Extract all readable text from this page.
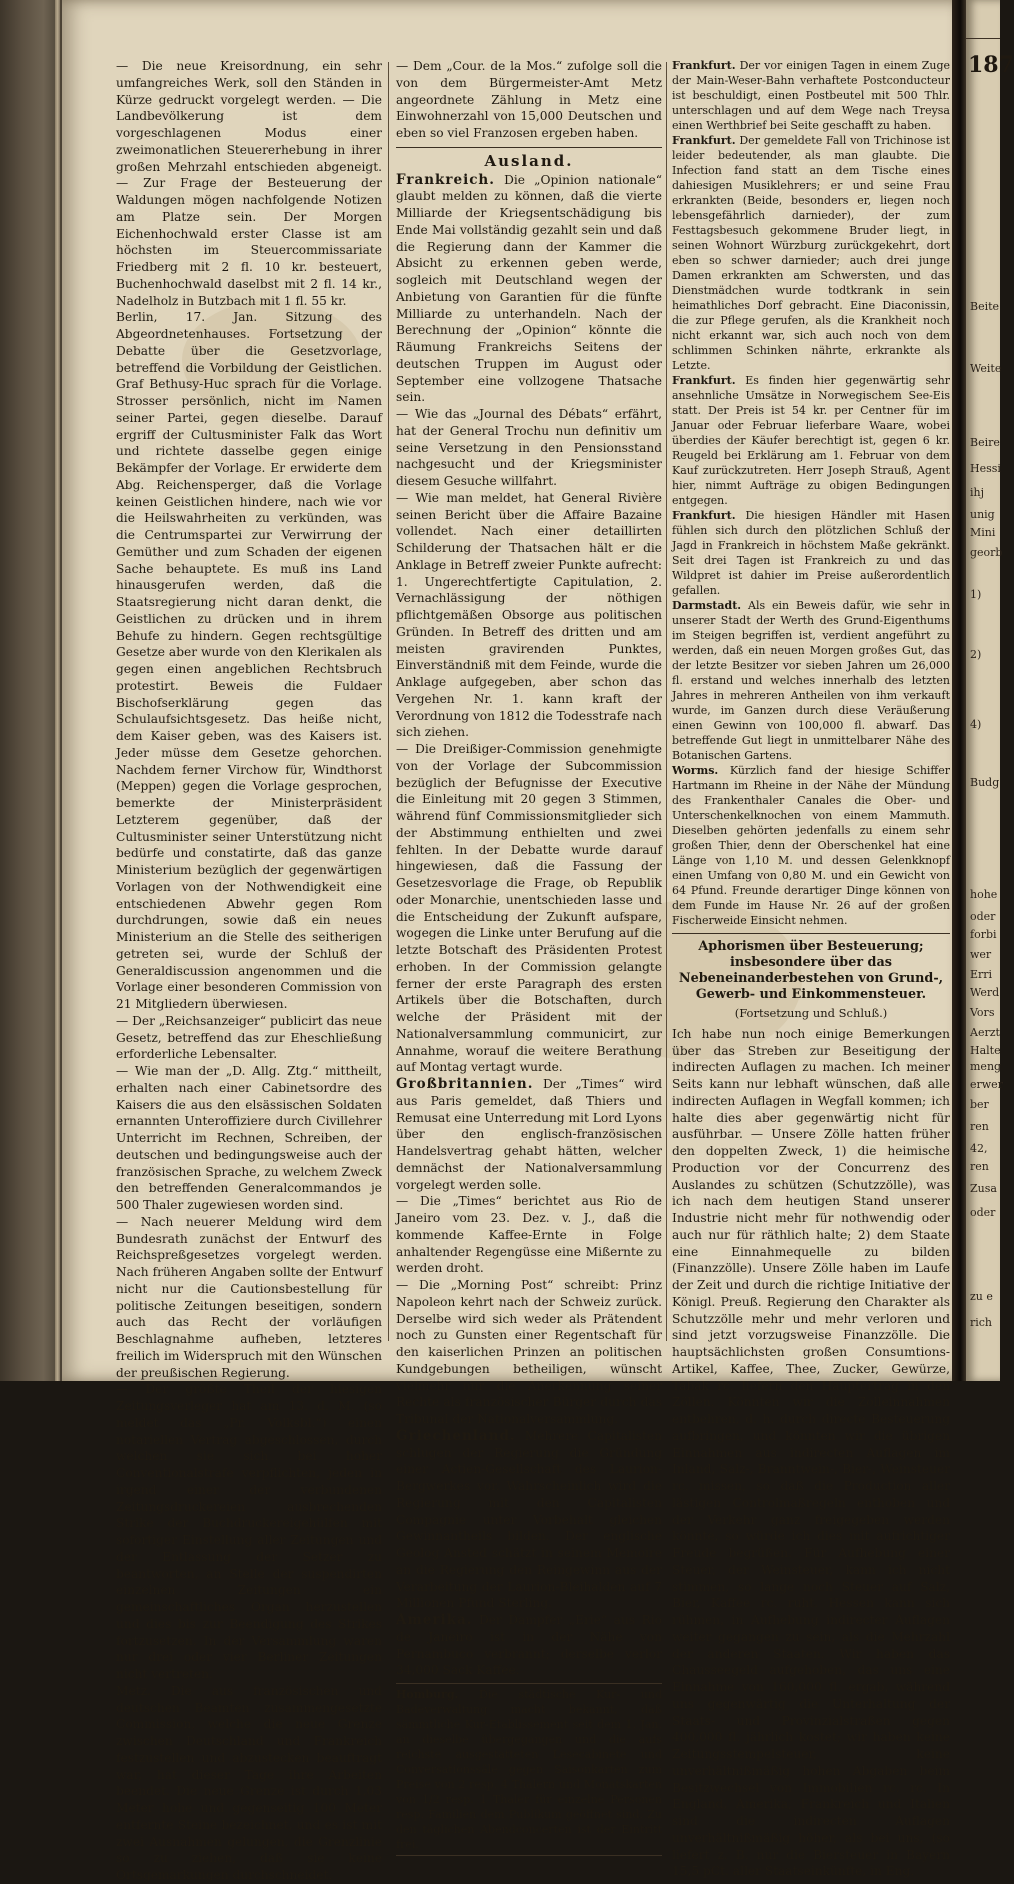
— Die neue Kreisordnung, ein sehr umfangreiches Werk, soll den Ständen in Kürze gedruckt vorgelegt werden. — Die Landbevölkerung ist dem vorgeschlagenen Modus einer zweimonatlichen Steuererhebung in ihrer großen Mehrzahl entschieden abgeneigt. — Zur Frage der Besteuerung der Waldungen mögen nachfolgende Notizen am Platze sein. Der Morgen Eichenhochwald erster Classe ist am höchsten im Steuercommissariate Friedberg mit 2 fl. 10 kr. besteuert, Buchenhochwald daselbst mit 2 fl. 14 kr., Nadelholz in Butzbach mit 1 fl. 55 kr.

Berlin, 17. Jan. Sitzung des Abgeordnetenhauses. Fortsetzung der Debatte über die Gesetzvorlage, betreffend die Vorbildung der Geistlichen. Graf Bethusy-Huc sprach für die Vorlage. Strosser persönlich, nicht im Namen seiner Partei, gegen dieselbe. Darauf ergriff der Cultusminister Falk das Wort und richtete dasselbe gegen einige Bekämpfer der Vorlage. Er erwiderte dem Abg. Reichensperger, daß die Vorlage keinen Geistlichen hindere, nach wie vor die Heilswahrheiten zu verkünden, was die Centrumspartei zur Verwirrung der Gemüther und zum Schaden der eigenen Sache behauptete. Es muß ins Land hinausgerufen werden, daß die Staatsregierung nicht daran denkt, die Geistlichen zu drücken und in ihrem Behufe zu hindern. Gegen rechtsgültige Gesetze aber wurde von den Klerikalen als gegen einen angeblichen Rechtsbruch protestirt. Beweis die Fuldaer Bischofserklärung gegen das Schulaufsichtsgesetz. Das heiße nicht, dem Kaiser geben, was des Kaisers ist. Jeder müsse dem Gesetze gehorchen. Nachdem ferner Virchow für, Windthorst (Meppen) gegen die Vorlage gesprochen, bemerkte der Ministerpräsident Letzterem gegenüber, daß der Cultusminister seiner Unterstützung nicht bedürfe und constatirte, daß das ganze Ministerium bezüglich der gegenwärtigen Vorlagen von der Nothwendigkeit eine entschiedenen Abwehr gegen Rom durchdrungen, sowie daß ein neues Ministerium an die Stelle des seitherigen getreten sei, wurde der Schluß der Generaldiscussion angenommen und die Vorlage einer besonderen Commission von 21 Mitgliedern überwiesen.

— Der „Reichsanzeiger“ publicirt das neue Gesetz, betreffend das zur Eheschließung erforderliche Lebensalter.

— Wie man der „D. Allg. Ztg.“ mittheilt, erhalten nach einer Cabinetsordre des Kaisers die aus den elsässischen Soldaten ernannten Unteroffiziere durch Civillehrer Unterricht im Rechnen, Schreiben, der deutschen und bedingungsweise auch der französischen Sprache, zu welchem Zweck den betreffenden Generalcommandos je 500 Thaler zugewiesen worden sind.

— Nach neuerer Meldung wird dem Bundesrath zunächst der Entwurf des Reichspreßgesetzes vorgelegt werden. Nach früheren Angaben sollte der Entwurf nicht nur die Cautionsbestellung für politische Zeitungen beseitigen, sondern auch das Recht der vorläufigen Beschlagnahme aufheben, letzteres freilich im Widerspruch mit den Wünschen der preußischen Regierung.

— Der größte Theil der hiesigen Zeitungsverleger hat am 13. d. M. (so meldet das „Pr. Volksbl.“) einen notariellen Vertrag abgeschlossen, durch welchen sie sich bei hoher Conventionalstrafe verpflichten, jeden in irgend einer der verbundenen Zeitungsdruckereien ausbrechenden Strike der Buchdruckereigehülfen mit sofortiger Einstellung aller Zeitungen und der Entlassung der Setzer zu beantworten, an Stelle der suspendirten einzelnen Zeitungen ein gemeinschaftliches Organ herzustellen und dies bis zur Beendigung des Strikes fortzusetzen. In der Versammlung waren nur drei oder vier Berliner Zeitungen nicht vertreten.

Metz. Die aus französischen und deutschen Beamten zusammengesetzte Commission, welche die neue Grenze zwischen Deutschland und Frankreich festzustellen und abzustecken beauftragt war, hat dieser Tage ihre Arbeiten beendet. Die neue Grenze ist durch 1,03 Meter hohe und gegenseitig 100 Meter entfernte Steine bezeichnet, und es ist mit zwei Ausnahmen gelungen, die Grenzlinie so zu ziehen, daß sie keine Ortsgemarkungen durchschneidet.

— Dem „Cour. de la Mos.“ zufolge soll die von dem Bürgermeister-Amt Metz angeordnete Zählung in Metz eine Einwohnerzahl von 15,000 Deutschen und eben so viel Franzosen ergeben haben.

Ausland.

Frankreich. Die „Opinion nationale“ glaubt melden zu können, daß die vierte Milliarde der Kriegsentschädigung bis Ende Mai vollständig gezahlt sein und daß die Regierung dann der Kammer die Absicht zu erkennen geben werde, sogleich mit Deutschland wegen der Anbietung von Garantien für die fünfte Milliarde zu unterhandeln. Nach der Berechnung der „Opinion“ könnte die Räumung Frankreichs Seitens der deutschen Truppen im August oder September eine vollzogene Thatsache sein.

— Wie das „Journal des Débats“ erfährt, hat der General Trochu nun definitiv um seine Versetzung in den Pensionsstand nachgesucht und der Kriegsminister diesem Gesuche willfahrt.

— Wie man meldet, hat General Rivière seinen Bericht über die Affaire Bazaine vollendet. Nach einer detaillirten Schilderung der Thatsachen hält er die Anklage in Betreff zweier Punkte aufrecht: 1. Ungerechtfertigte Capitulation, 2. Vernachlässigung der nöthigen pflichtgemäßen Obsorge aus politischen Gründen. In Betreff des dritten und am meisten gravirenden Punktes, Einverständniß mit dem Feinde, wurde die Anklage aufgegeben, aber schon das Vergehen Nr. 1. kann kraft der Verordnung von 1812 die Todesstrafe nach sich ziehen.

— Die Dreißiger-Commission genehmigte von der Vorlage der Subcommission bezüglich der Befugnisse der Executive die Einleitung mit 20 gegen 3 Stimmen, während fünf Commissionsmitglieder sich der Abstimmung enthielten und zwei fehlten. In der Debatte wurde darauf hingewiesen, daß die Fassung der Gesetzesvorlage die Frage, ob Republik oder Monarchie, unentschieden lasse und die Entscheidung der Zukunft aufspare, wogegen die Linke unter Berufung auf die letzte Botschaft des Präsidenten Protest erhoben. In der Commission gelangte ferner der erste Paragraph des ersten Artikels über die Botschaften, durch welche der Präsident mit der Nationalversammlung communicirt, zur Annahme, worauf die weitere Berathung auf Montag vertagt wurde.

Großbritannien. Der „Times“ wird aus Paris gemeldet, daß Thiers und Remusat eine Unterredung mit Lord Lyons über den englisch-französischen Handelsvertrag gehabt hätten, welcher demnächst der Nationalversammlung vorgelegt werden solle.

— Die „Times“ berichtet aus Rio de Janeiro vom 23. Dez. v. J., daß die kommende Kaffee-Ernte in Folge anhaltender Regengüsse eine Mißernte zu werden droht.

— Die „Morning Post“ schreibt: Prinz Napoleon kehrt nach der Schweiz zurück. Derselbe wird sich weder als Prätendent noch zu Gunsten einer Regentschaft für den kaiserlichen Prinzen an politischen Kundgebungen betheiligen, wünscht vielmehr nur die Anerkennung seiner Rechte als französischer Bürger durch das Tribunal der Nationalversammlung.

Griechenland. Mehrere Capitalisten schlugen der Regierung die Gründung einer Actien-Gesellschaft des Laurion-Bergwerkes vor. Wahrscheinlich wird die Regierung mit den Capitalisten Compagnie unter Vorbehalt gleichen Gewinnantheils bilden. Der englische Geolog Ansted schätzt in seinem Memoire an die Regierung den Reingewinn aus der Verarbeitung der Laurion-Bleihalden auf 7 Millionen Pfund Sterling.

Amerika. Der Dampfer „Erie“ aus Rio de Janeiro ist in der Nähe von Pernambuco verbrannt; derselbe verlor 34,000 Sack Kaffee.

Homburg. Die städtische Kur- und Badeverwaltung macht bekannt, daß sämmtliche Kur-Etablissement seit dem 1. Jan. an dieselbe übergegangen und die aufs reichste ausgestatteten Lesecabinete und Conversationssäle gegen Saisonkarten zum Preise von 2 resp. 4 Thalern und Monatskarten von 1/2 resp. 1 Thaler für einzelne Personen resp. Familien dem Publikum geöffnet sind. Zu den täglichen Abendconcerten ist der Eintritt frei.

Frankfurt. Der vor einigen Tagen in einem Zuge der Main-Weser-Bahn verhaftete Postconducteur ist beschuldigt, einen Postbeutel mit 500 Thlr. unterschlagen und auf dem Wege nach Treysa einen Werthbrief bei Seite geschafft zu haben.

Frankfurt. Der gemeldete Fall von Trichinose ist leider bedeutender, als man glaubte. Die Infection fand statt an dem Tische eines dahiesigen Musiklehrers; er und seine Frau erkrankten (Beide, besonders er, liegen noch lebensgefährlich darnieder), der zum Festtagsbesuch gekommene Bruder liegt, in seinen Wohnort Würzburg zurückgekehrt, dort eben so schwer darnieder; auch drei junge Damen erkrankten am Schwersten, und das Dienstmädchen wurde todtkrank in sein heimathliches Dorf gebracht. Eine Diaconissin, die zur Pflege gerufen, als die Krankheit noch nicht erkannt war, sich auch noch von dem schlimmen Schinken nährte, erkrankte als Letzte.

Frankfurt. Es finden hier gegenwärtig sehr ansehnliche Umsätze in Norwegischem See-Eis statt. Der Preis ist 54 kr. per Centner für im Januar oder Februar lieferbare Waare, wobei überdies der Käufer berechtigt ist, gegen 6 kr. Reugeld bei Erklärung am 1. Februar von dem Kauf zurückzutreten. Herr Joseph Strauß, Agent hier, nimmt Aufträge zu obigen Bedingungen entgegen.

Frankfurt. Die hiesigen Händler mit Hasen fühlen sich durch den plötzlichen Schluß der Jagd in Frankreich in höchstem Maße gekränkt. Seit drei Tagen ist Frankreich zu und das Wildpret ist dahier im Preise außerordentlich gefallen.

Darmstadt. Als ein Beweis dafür, wie sehr in unserer Stadt der Werth des Grund-Eigenthums im Steigen begriffen ist, verdient angeführt zu werden, daß ein neuen Morgen großes Gut, das der letzte Besitzer vor sieben Jahren um 26,000 fl. erstand und welches innerhalb des letzten Jahres in mehreren Antheilen von ihm verkauft wurde, im Ganzen durch diese Veräußerung einen Gewinn von 100,000 fl. abwarf. Das betreffende Gut liegt in unmittelbarer Nähe des Botanischen Gartens.

Worms. Kürzlich fand der hiesige Schiffer Hartmann im Rheine in der Nähe der Mündung des Frankenthaler Canales die Ober- und Unterschenkelknochen von einem Mammuth. Dieselben gehörten jedenfalls zu einem sehr großen Thier, denn der Oberschenkel hat eine Länge von 1,10 M. und dessen Gelenkknopf einen Umfang von 0,80 M. und ein Gewicht von 64 Pfund. Freunde derartiger Dinge können von dem Funde im Hause Nr. 26 auf der großen Fischerweide Einsicht nehmen.

Aphorismen über Besteuerung; insbesondere über das Nebeneinanderbestehen von Grund-, Gewerb- und Einkommensteuer.
(Fortsetzung und Schluß.)

Ich habe nun noch einige Bemerkungen über das Streben zur Beseitigung der indirecten Auflagen zu machen. Ich meiner Seits kann nur lebhaft wünschen, daß alle indirecten Auflagen in Wegfall kommen; ich halte dies aber gegenwärtig nicht für ausführbar. — Unsere Zölle hatten früher den doppelten Zweck, 1) die heimische Production vor der Concurrenz des Auslandes zu schützen (Schutzzölle), was ich nach dem heutigen Stand unserer Industrie nicht mehr für nothwendig oder auch nur für räthlich halte; 2) dem Staate eine Einnahmequelle zu bilden (Finanzzölle). Unsere Zölle haben im Laufe der Zeit und durch die richtige Initiative der Königl. Preuß. Regierung den Charakter als Schutzzölle mehr und mehr verloren und sind jetzt vorzugsweise Finanzzölle. Die hauptsächlichsten großen Consumtions-Artikel, Kaffee, Thee, Zucker, Gewürze, Tabak rc. liefern den Hauptertrag in den Zöllen. Könnten wir die Zolleinnahmen entbehren, d. h. durch directe Besteuerung aufbringen, und könnten wir die übrigen Einnahmen aus indirecten Auflagen im Inland, Salz-, Branntwein-, Bier-, Weinsteuer rc. missen, so daß die Production aller lästigen Controlmaßregeln enthoben und der Verkehr ganz freigegeben werden könnte, so würde ich dies mit aufrichtiger Freude begrüßen. Für Aufhebung einer Steuer, der Weinsteuer, kann ich nicht stimmen, so lange noch Steuer auf Salz, Bier, Kaffee rc. ruht. Hessen kann sich rühmen, in Aufhebung indirecter Auflagen weiter gegangen zu sein, als die Mehrzahl der anderen Staaten. Wir haben das Chausseegeld aufgehoben, das uns eine Einnahme von 160,000 fl. ergab, während uns gegenwärtig die Unterhaltung der Staats- und Provinzialstraßen gegen 400,000 fl. jährlich kostet; wir haben keine Zeitungsstempelsteuer, keine unverhältnißmäßig hohen Abgaben beim Besitzwechsel von Immobilien rc. rc. In England, Amerika, Frankreich und Italien sind die indirecten Auflagen unverhältnißmäßig höher, als bei uns, (so liefert z. B. nur die Biersteuer in Bayern 15,5 pCt. aller Staatseinkünfte, in Eng.

187
Beite
Weite
Beire
Hessi
ihj
unig
Mini
georb
1)
2)
4)
Budg
hohe
oder
forbi
wer
Erri
Werd
Vors
Aerzt
Halte
meng
erwer
ber
ren
42,
ren
Zusa
oder
zu e
rich
